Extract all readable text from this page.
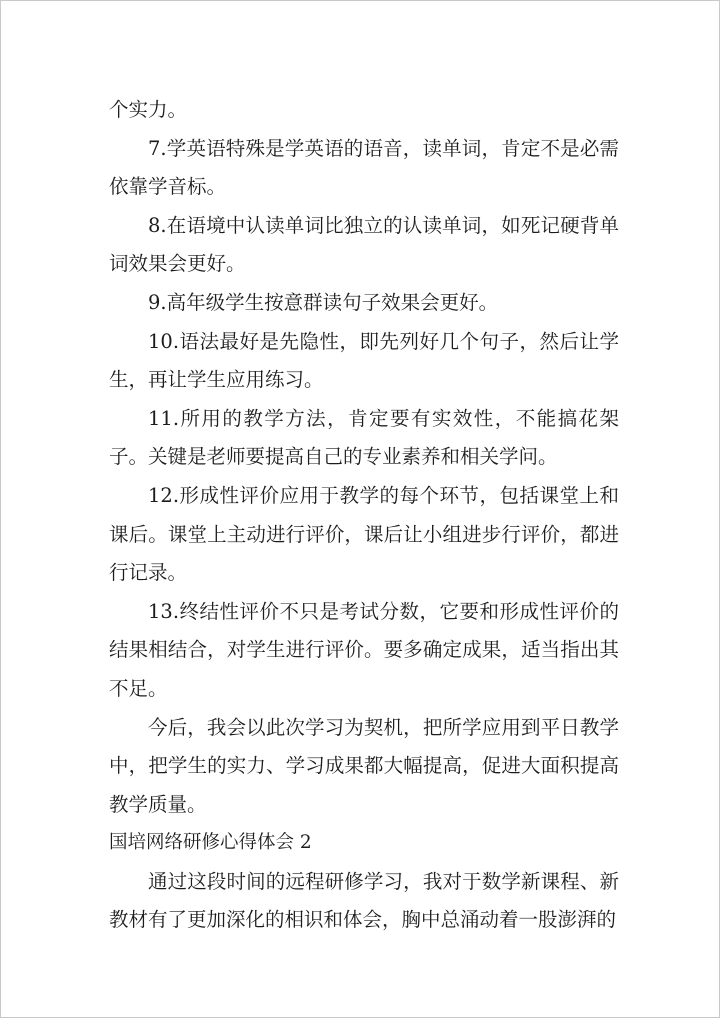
个实力。

7.学英语特殊是学英语的语音，读单词，肯定不是必需依靠学音标。

8.在语境中认读单词比独立的认读单词，如死记硬背单词效果会更好。

9.高年级学生按意群读句子效果会更好。

10.语法最好是先隐性，即先列好几个句子，然后让学生，再让学生应用练习。

11.所用的教学方法，肯定要有实效性，不能搞花架子。关键是老师要提高自己的专业素养和相关学问。

12.形成性评价应用于教学的每个环节，包括课堂上和课后。课堂上主动进行评价，课后让小组进步行评价，都进行记录。

13.终结性评价不只是考试分数，它要和形成性评价的结果相结合，对学生进行评价。要多确定成果，适当指出其不足。

今后，我会以此次学习为契机，把所学应用到平日教学中，把学生的实力、学习成果都大幅提高，促进大面积提高教学质量。

国培网络研修心得体会 2

通过这段时间的远程研修学习，我对于数学新课程、新教材有了更加深化的相识和体会，胸中总涌动着一股澎湃的
